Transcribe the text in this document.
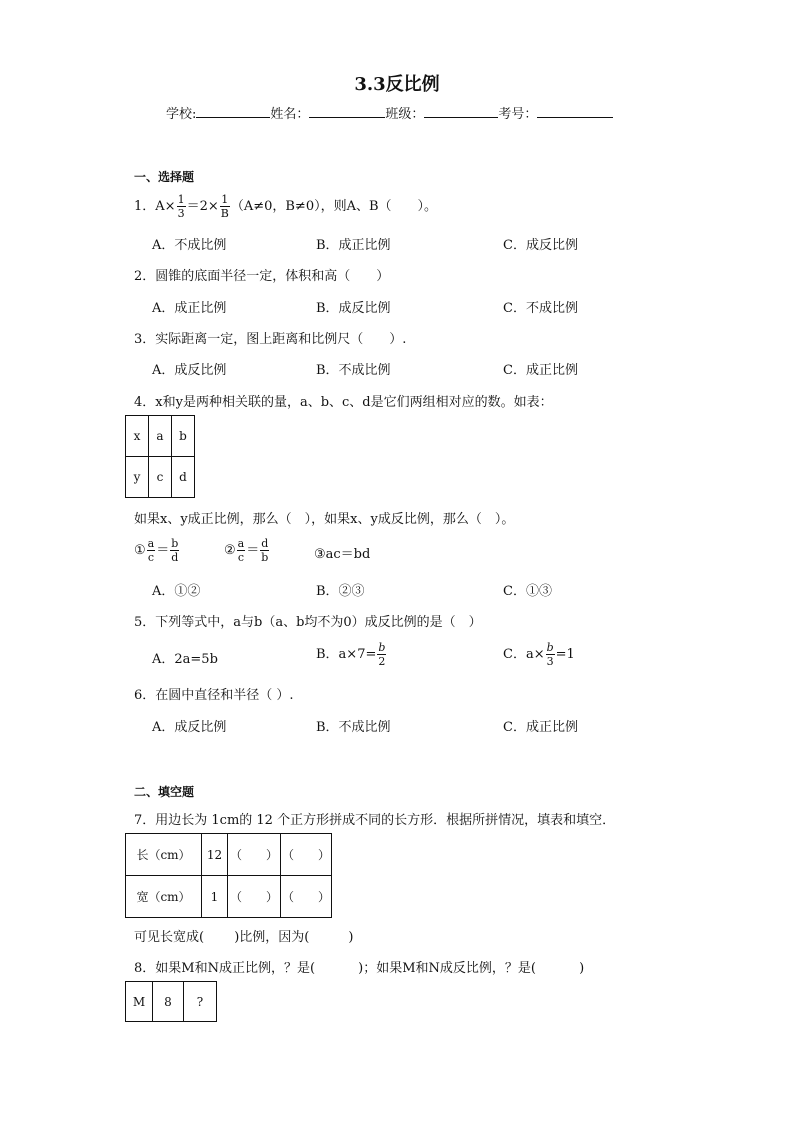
3.3反比例
学校:	姓名：	班级：	考号：
一、选择题
1．$A\times \frac{1}{3} =2\times \frac{1}{B} (A\ne 0$，B≠0），则A、B（　　）。
A．不成比例	B．成正比例	C．成反比例
2．圆锥的底面半径一定，体积和高（　　）
A．成正比例	B．成反比例	C．不成比例
3．实际距离一定，图上距离和比例尺（　　）.
A．成反比例	B．不成比例	C．成正比例
4．x和y是两种相关联的量，a、b、c、d是它们两组相对应的数。如表：
x	a	b
y	c	d
如果x、y成正比例，那么（　），如果x、y成反比例，那么（　）。
① $\frac{a}{c} = \frac{b}{d}$	② $\frac{a}{c} = \frac{d}{b}$	③ac＝bd
A．①②	B．②③	C．①③
5．下列等式中，a与b（a、b均不为0）成反比例的是（　）
A．2a=5b	B．$a\times 7= \frac{b}{2}$	C．$a\times \frac{b}{3} =1$
6．在圆中直径和半径（ ）.
A．成反比例	B．不成比例	C．成正比例
二、填空题
7．用边长为 1cm的 12 个正方形拼成不同的长方形．根据所拼情况，填表和填空．
长（cm）	12	（　　）	（　　）
宽（cm）	1	（　　）	（　　）
可见长宽成(　　 )比例，因为(　　　)
8．如果M和N成正比例，？是(　　　 )；如果M和N成反比例，？是(　　　 )
M	8	?
